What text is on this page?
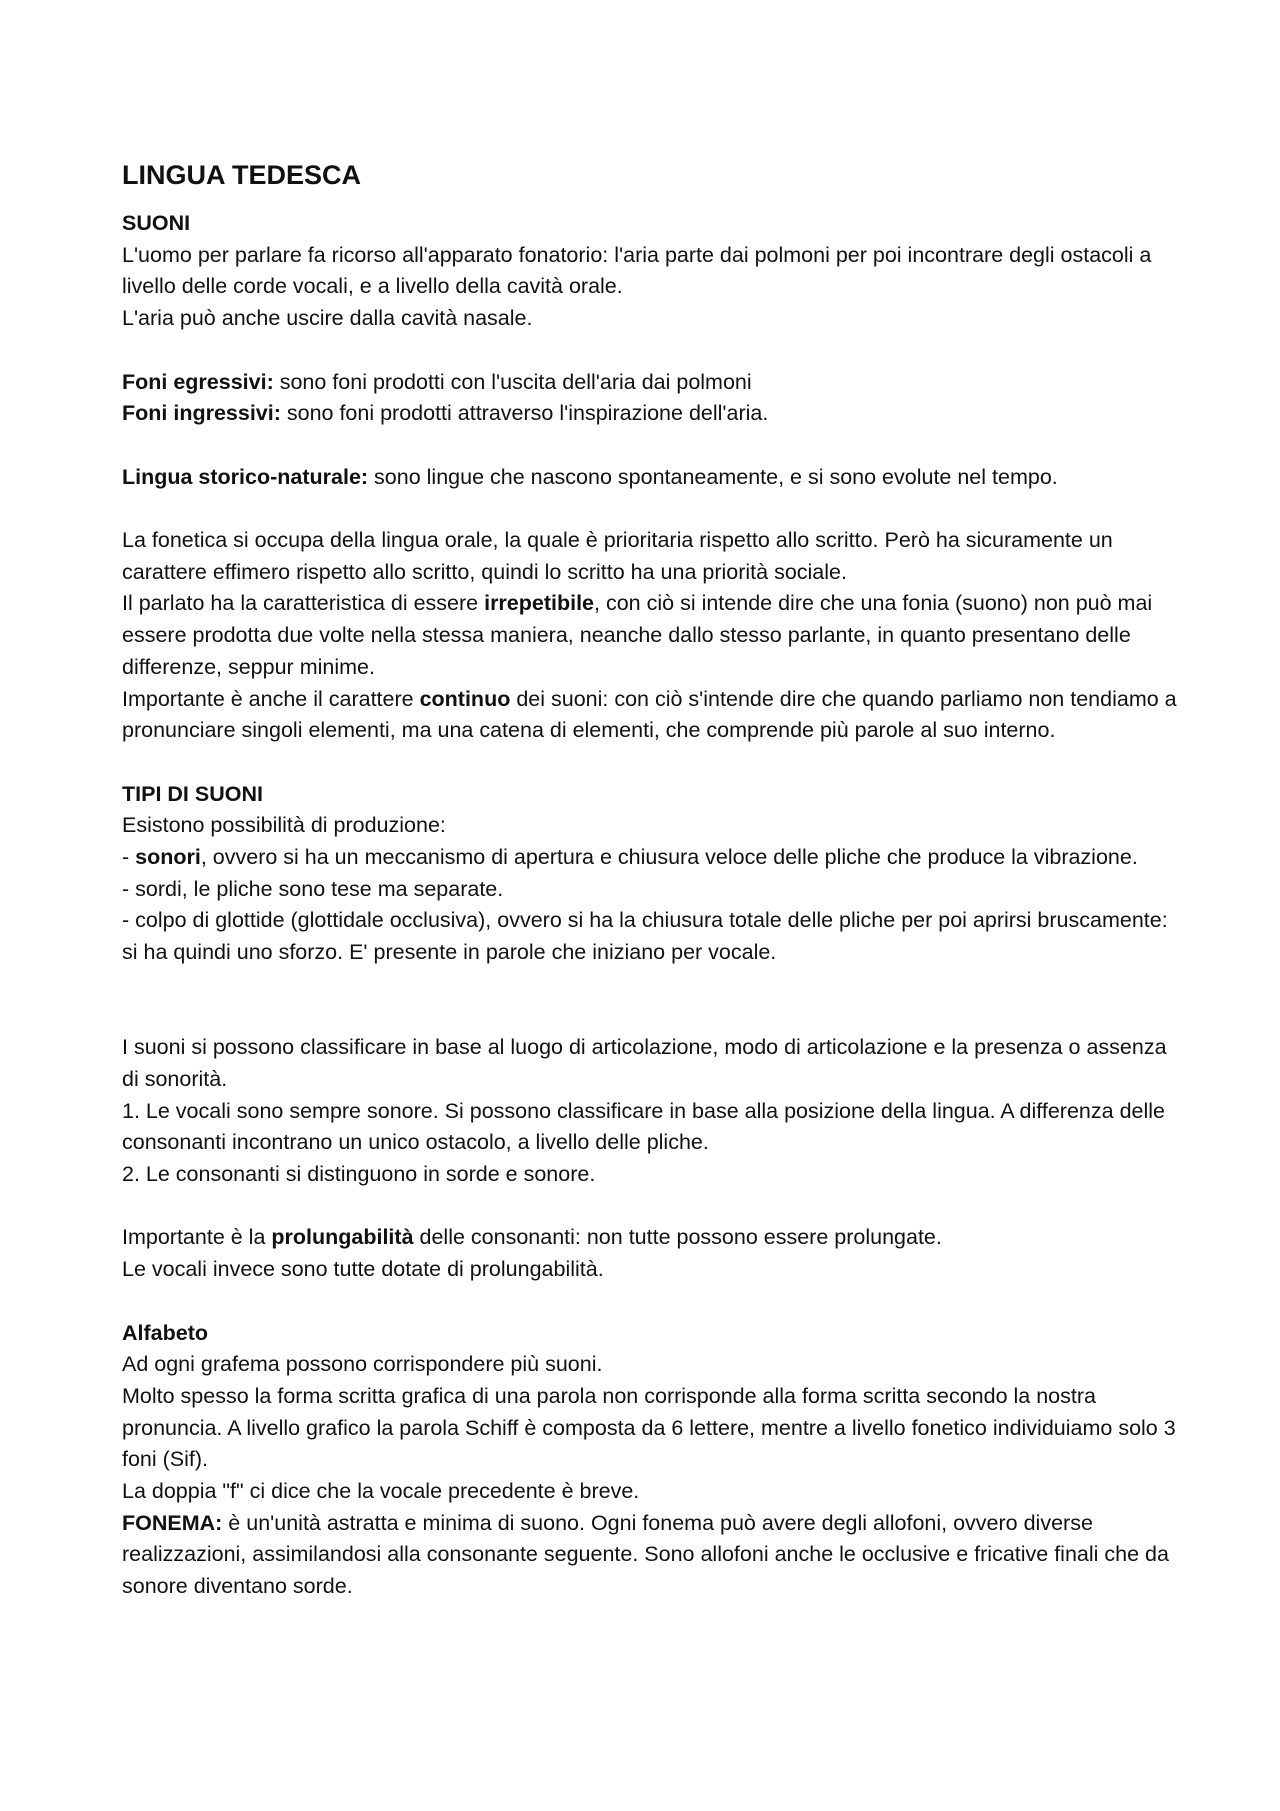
LINGUA TEDESCA

SUONI

L'uomo per parlare fa ricorso all'apparato fonatorio: l'aria parte dai polmoni per poi incontrare degli ostacoli a livello delle corde vocali, e a livello della cavità orale.

L'aria può anche uscire dalla cavità nasale.

Foni egressivi: sono foni prodotti con l'uscita dell'aria dai polmoni

Foni ingressivi: sono foni prodotti attraverso l'inspirazione dell'aria.

Lingua storico-naturale: sono lingue che nascono spontaneamente, e si sono evolute nel tempo.

La fonetica si occupa della lingua orale, la quale è prioritaria rispetto allo scritto. Però ha sicuramente un carattere effimero rispetto allo scritto, quindi lo scritto ha una priorità sociale.

Il parlato ha la caratteristica di essere irrepetibile, con ciò si intende dire che una fonia (suono) non può mai essere prodotta due volte nella stessa maniera, neanche dallo stesso parlante, in quanto presentano delle differenze, seppur minime.

Importante è anche il carattere continuo dei suoni: con ciò s'intende dire che quando parliamo non tendiamo a pronunciare singoli elementi, ma una catena di elementi, che comprende più parole al suo interno.

TIPI DI SUONI

Esistono possibilità di produzione:

- sonori, ovvero si ha un meccanismo di apertura e chiusura veloce delle pliche che produce la vibrazione.

- sordi, le pliche sono tese ma separate.

- colpo di glottide (glottidale occlusiva), ovvero si ha la chiusura totale delle pliche per poi aprirsi bruscamente: si ha quindi uno sforzo. E' presente in parole che iniziano per vocale.

I suoni si possono classificare in base al luogo di articolazione, modo di articolazione e la presenza o assenza di sonorità.

1. Le vocali sono sempre sonore. Si possono classificare in base alla posizione della lingua. A differenza delle consonanti incontrano un unico ostacolo, a livello delle pliche.

2. Le consonanti si distinguono in sorde e sonore.

Importante è la prolungabilità delle consonanti: non tutte possono essere prolungate.

Le vocali invece sono tutte dotate di prolungabilità.

Alfabeto

Ad ogni grafema possono corrispondere più suoni.

Molto spesso la forma scritta grafica di una parola non corrisponde alla forma scritta secondo la nostra pronuncia. A livello grafico la parola Schiff è composta da 6 lettere, mentre a livello fonetico individuiamo solo 3 foni (Sif).

La doppia "f" ci dice che la vocale precedente è breve.

FONEMA: è un'unità astratta e minima di suono. Ogni fonema può avere degli allofoni, ovvero diverse realizzazioni, assimilandosi alla consonante seguente. Sono allofoni anche le occlusive e fricative finali che da sonore diventano sorde.
